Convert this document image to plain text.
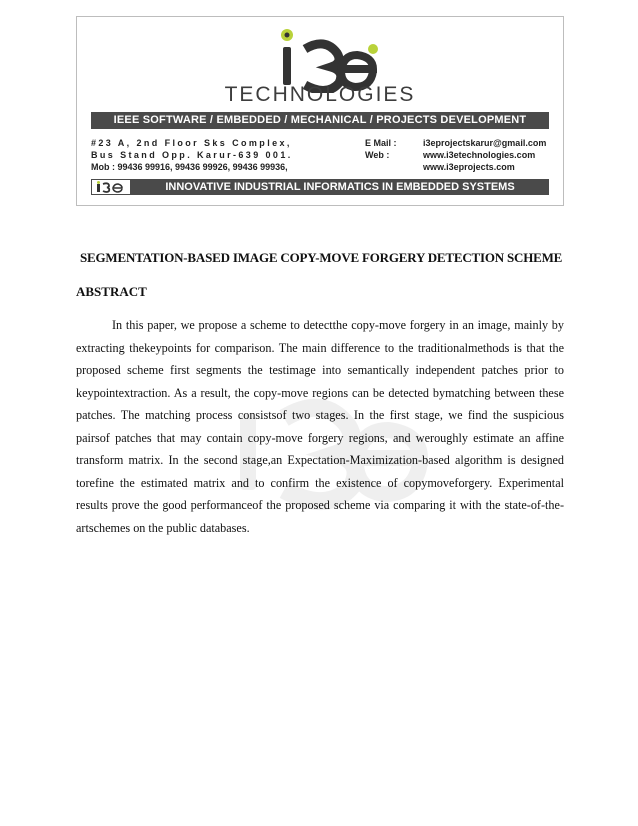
TECHNOLOGIES
IEEE SOFTWARE / EMBEDDED / MECHANICAL / PROJECTS DEVELOPMENT
#23 A, 2nd Floor Sks Complex,
Bus Stand Opp. Karur-639 001.
Mob : 99436 99916, 99436 99926, 99436 99936,
E Mail :	i3eprojectskarur@gmail.com
Web :	www.i3etechnologies.com
www.i3eprojects.com
INNOVATIVE INDUSTRIAL INFORMATICS IN EMBEDDED SYSTEMS
SEGMENTATION-BASED IMAGE COPY-MOVE FORGERY DETECTION SCHEME
ABSTRACT

In this paper, we propose a scheme to detectthe copy-move forgery in an image, mainly by extracting thekeypoints for comparison. The main difference to the traditionalmethods is that the proposed scheme first segments the testimage into semantically independent patches prior to keypointextraction. As a result, the copy-move regions can be detected bymatching between these patches. The matching process consistsof two stages. In the first stage, we find the suspicious pairsof patches that may contain copy-move forgery regions, and weroughly estimate an affine transform matrix. In the second stage,an Expectation-Maximization-based algorithm is designed torefine the estimated matrix and to confirm the existence of copymoveforgery. Experimental results prove the good performanceof the proposed scheme via comparing it with the state-of-the-artschemes on the public databases.
